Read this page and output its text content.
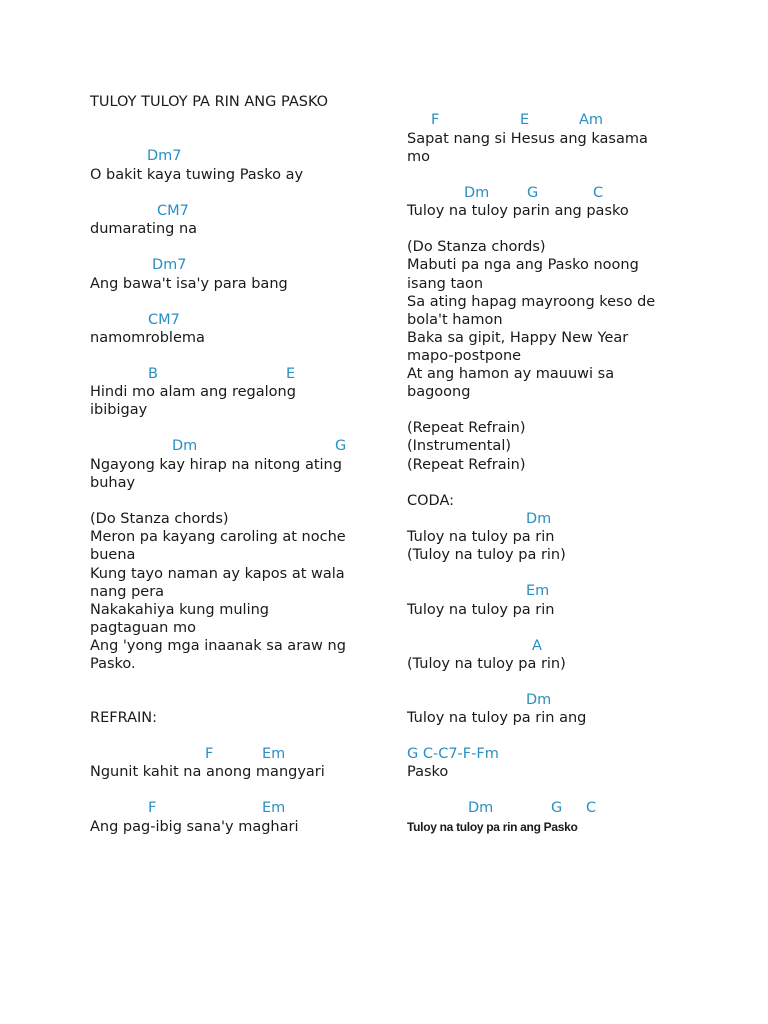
TULOY TULOY PA RIN ANG PASKO
Dm7
O bakit kaya tuwing Pasko ay
CM7
dumarating na
Dm7
Ang bawa't isa'y para bang
CM7
namomroblema
B	E
Hindi mo alam ang regalong
ibibigay
Dm	G
Ngayong kay hirap na nitong ating
buhay
(Do Stanza chords)
Meron pa kayang caroling at noche
buena
Kung tayo naman ay kapos at wala
nang pera
Nakakahiya kung muling
pagtaguan mo
Ang 'yong mga inaanak sa araw ng
Pasko.
REFRAIN:
F	Em
Ngunit kahit na anong mangyari
F	Em
Ang pag-ibig sana'y maghari
F	E	Am
Sapat nang si Hesus ang kasama
mo
Dm	G	C
Tuloy na tuloy parin ang pasko
(Do Stanza chords)
Mabuti pa nga ang Pasko noong
isang taon
Sa ating hapag mayroong keso de
bola't hamon
Baka sa gipit, Happy New Year
mapo-postpone
At ang hamon ay mauuwi sa
bagoong
(Repeat Refrain)
(Instrumental)
(Repeat Refrain)
CODA:
Dm
Tuloy na tuloy pa rin
(Tuloy na tuloy pa rin)
Em
Tuloy na tuloy pa rin
A
(Tuloy na tuloy pa rin)
Dm
Tuloy na tuloy pa rin ang
G C-C7-F-Fm
Pasko
Dm	G C
Tuloy na tuloy pa rin ang Pasko
